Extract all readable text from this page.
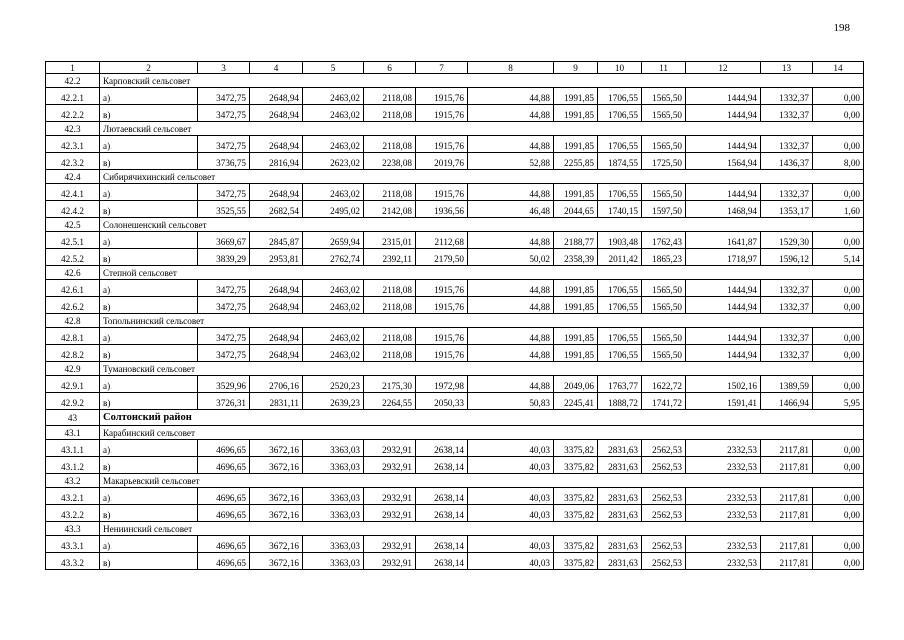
198
1	2	3	4	5	6	7	8	9	10	11	12	13	14
42.2	Карповский сельсовет												
42.2.1	а)	3472,75	2648,94	2463,02	2118,08	1915,76	44,88	1991,85	1706,55	1565,50	1444,94	1332,37	0,00
42.2.2	в)	3472,75	2648,94	2463,02	2118,08	1915,76	44,88	1991,85	1706,55	1565,50	1444,94	1332,37	0,00
42.3	Лютаевский сельсовет												
42.3.1	а)	3472,75	2648,94	2463,02	2118,08	1915,76	44,88	1991,85	1706,55	1565,50	1444,94	1332,37	0,00
42.3.2	в)	3736,75	2816,94	2623,02	2238,08	2019,76	52,88	2255,85	1874,55	1725,50	1564,94	1436,37	8,00
42.4	Сибирячихинский сельсовет												
42.4.1	а)	3472,75	2648,94	2463,02	2118,08	1915,76	44,88	1991,85	1706,55	1565,50	1444,94	1332,37	0,00
42.4.2	в)	3525,55	2682,54	2495,02	2142,08	1936,56	46,48	2044,65	1740,15	1597,50	1468,94	1353,17	1,60
42.5	Солонешенский сельсовет												
42.5.1	а)	3669,67	2845,87	2659,94	2315,01	2112,68	44,88	2188,77	1903,48	1762,43	1641,87	1529,30	0,00
42.5.2	в)	3839,29	2953,81	2762,74	2392,11	2179,50	50,02	2358,39	2011,42	1865,23	1718,97	1596,12	5,14
42.6	Степной сельсовет												
42.6.1	а)	3472,75	2648,94	2463,02	2118,08	1915,76	44,88	1991,85	1706,55	1565,50	1444,94	1332,37	0,00
42.6.2	в)	3472,75	2648,94	2463,02	2118,08	1915,76	44,88	1991,85	1706,55	1565,50	1444,94	1332,37	0,00
42.8	Топольнинский сельсовет												
42.8.1	а)	3472,75	2648,94	2463,02	2118,08	1915,76	44,88	1991,85	1706,55	1565,50	1444,94	1332,37	0,00
42.8.2	в)	3472,75	2648,94	2463,02	2118,08	1915,76	44,88	1991,85	1706,55	1565,50	1444,94	1332,37	0,00
42.9	Тумановский сельсовет												
42.9.1	а)	3529,96	2706,16	2520,23	2175,30	1972,98	44,88	2049,06	1763,77	1622,72	1502,16	1389,59	0,00
42.9.2	в)	3726,31	2831,11	2639,23	2264,55	2050,33	50,83	2245,41	1888,72	1741,72	1591,41	1466,94	5,95
43	Солтонский район												
43.1	Карабинский сельсовет												
43.1.1	а)	4696,65	3672,16	3363,03	2932,91	2638,14	40,03	3375,82	2831,63	2562,53	2332,53	2117,81	0,00
43.1.2	в)	4696,65	3672,16	3363,03	2932,91	2638,14	40,03	3375,82	2831,63	2562,53	2332,53	2117,81	0,00
43.2	Макарьевский сельсовет												
43.2.1	а)	4696,65	3672,16	3363,03	2932,91	2638,14	40,03	3375,82	2831,63	2562,53	2332,53	2117,81	0,00
43.2.2	в)	4696,65	3672,16	3363,03	2932,91	2638,14	40,03	3375,82	2831,63	2562,53	2332,53	2117,81	0,00
43.3	Нениинский сельсовет												
43.3.1	а)	4696,65	3672,16	3363,03	2932,91	2638,14	40,03	3375,82	2831,63	2562,53	2332,53	2117,81	0,00
43.3.2	в)	4696,65	3672,16	3363,03	2932,91	2638,14	40,03	3375,82	2831,63	2562,53	2332,53	2117,81	0,00
